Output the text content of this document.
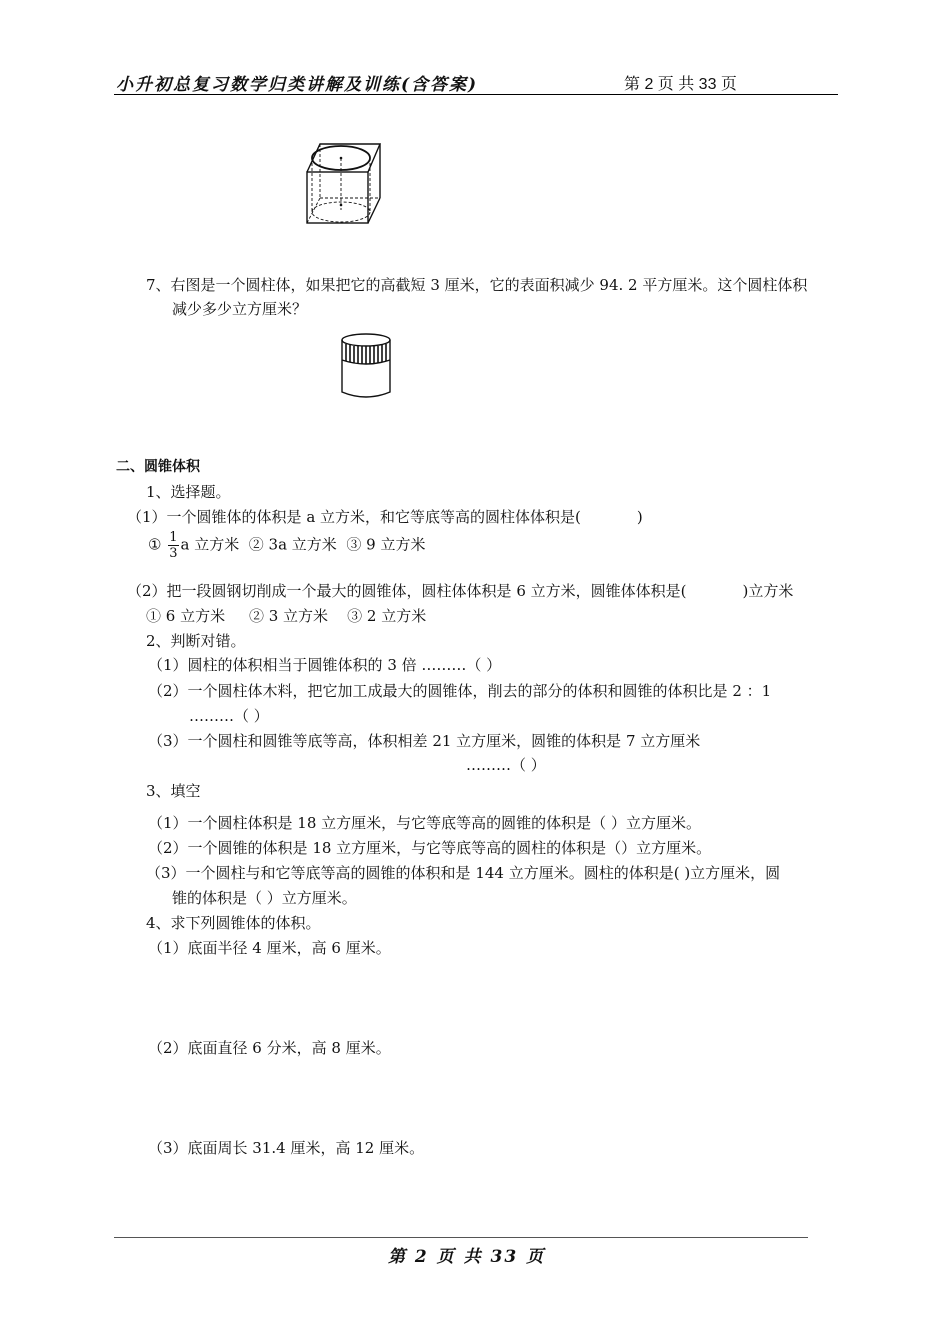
小升初总复习数学归类讲解及训练(含答案)	第 2 页 共 33 页
7、右图是一个圆柱体，如果把它的高截短 3 厘米，它的表面积减少 94. 2 平方厘米。这个圆柱体积
减少多少立方厘米？
二、圆锥体积
1、选择题。
（1）一个圆锥体的体积是 a 立方米，和它等底等高的圆柱体体积是(	)
① $\frac{1}{3}$ a 立方米 ② 3a 立方米 ③ 9 立方米
（2）把一段圆钢切削成一个最大的圆锥体，圆柱体体积是 6 立方米，圆锥体体积是(	)立方米
① 6 立方米 ② 3 立方米 ③ 2 立方米
2、判断对错。
（1）圆柱的体积相当于圆锥体积的 3 倍 ………（ ）
（2）一个圆柱体木料，把它加工成最大的圆锥体，削去的部分的体积和圆锥的体积比是 2 ：1
………（ ）
（3）一个圆柱和圆锥等底等高，体积相差 21 立方厘米，圆锥的体积是 7 立方厘米
………（ ）
3、填空
（1）一个圆柱体积是 18 立方厘米，与它等底等高的圆锥的体积是（ ）立方厘米。
（2）一个圆锥的体积是 18 立方厘米，与它等底等高的圆柱的体积是（）立方厘米。
（3）一个圆柱与和它等底等高的圆锥的体积和是 144 立方厘米。圆柱的体积是( )立方厘米，圆
锥的体积是（ ）立方厘米。
4、求下列圆锥体的体积。
（1）底面半径 4 厘米，高 6 厘米。
（2）底面直径 6 分米，高 8 厘米。
（3）底面周长 31.4 厘米，高 12 厘米。
第 2 页 共 33 页
